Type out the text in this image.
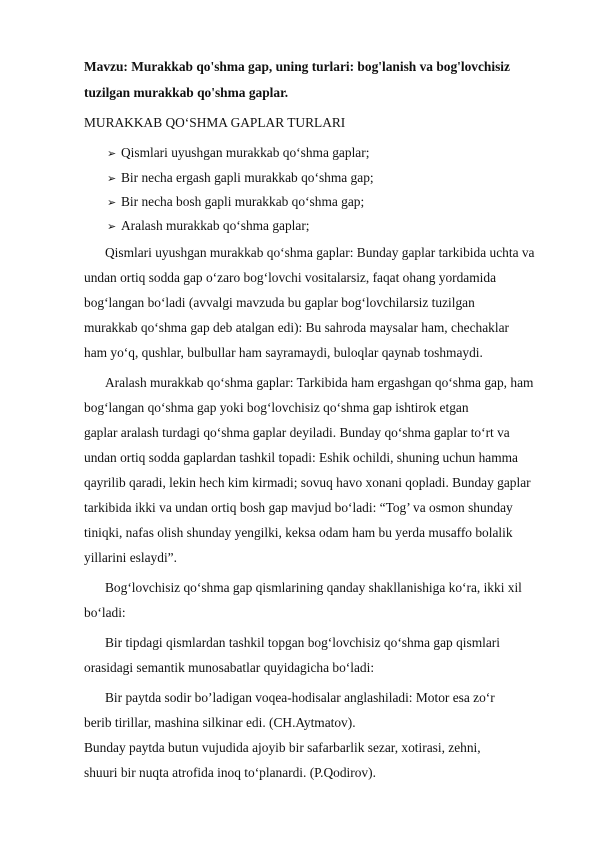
Mavzu: Murakkab qo'shma gap, uning turlari: bog'lanish va bog'lovchisiz
tuzilgan murakkab qo'shma gaplar.
MURAKKAB QO‘SHMA GAPLAR TURLARI
➢ Qismlari uyushgan murakkab qo‘shma gaplar;
➢ Bir necha ergash gapli murakkab qo‘shma gap;
➢ Bir necha bosh gapli murakkab qo‘shma gap;
➢ Aralash murakkab qo‘shma gaplar;
Qismlari uyushgan murakkab qo‘shma gaplar: Bunday gaplar tarkibida uchta va
undan ortiq sodda gap o‘zaro bog‘lovchi vositalarsiz, faqat ohang yordamida
bog‘langan bo‘ladi (avvalgi mavzuda bu gaplar bog‘lovchilarsiz tuzilgan
murakkab qo‘shma gap deb atalgan edi): Bu sahroda maysalar ham, chechaklar
ham yo‘q, qushlar, bulbullar ham sayramaydi, buloqlar qaynab toshmaydi.
Aralash murakkab qo‘shma gaplar: Tarkibida ham ergashgan qo‘shma gap, ham
bog‘langan qo‘shma gap yoki bog‘lovchisiz qo‘shma gap ishtirok etgan
gaplar aralash turdagi qo‘shma gaplar deyiladi. Bunday qo‘shma gaplar to‘rt va
undan ortiq sodda gaplardan tashkil topadi: Eshik ochildi, shuning uchun hamma
qayrilib qaradi, lekin hech kim kirmadi; sovuq havo xonani qopladi. Bunday gaplar
tarkibida ikki va undan ortiq bosh gap mavjud bo‘ladi: “Tog’ va osmon shunday
tiniqki, nafas olish shunday yengilki, keksa odam ham bu yerda musaffo bolalik
yillarini eslaydi”.
Bog‘lovchisiz qo‘shma gap qismlarining qanday shakllanishiga ko‘ra, ikki xil
bo‘ladi:
Bir tipdagi qismlardan tashkil topgan bog‘lovchisiz qo‘shma gap qismlari
orasidagi semantik munosabatlar quyidagicha bo‘ladi:
Bir paytda sodir bo’ladigan voqea-hodisalar anglashiladi: Motor esa zo‘r
berib tirillar, mashina silkinar edi. (CH.Aytmatov).
Bunday paytda butun vujudida ajoyib bir safarbarlik sezar, xotirasi, zehni,
shuuri bir nuqta atrofida inoq to‘planardi. (P.Qodirov).
